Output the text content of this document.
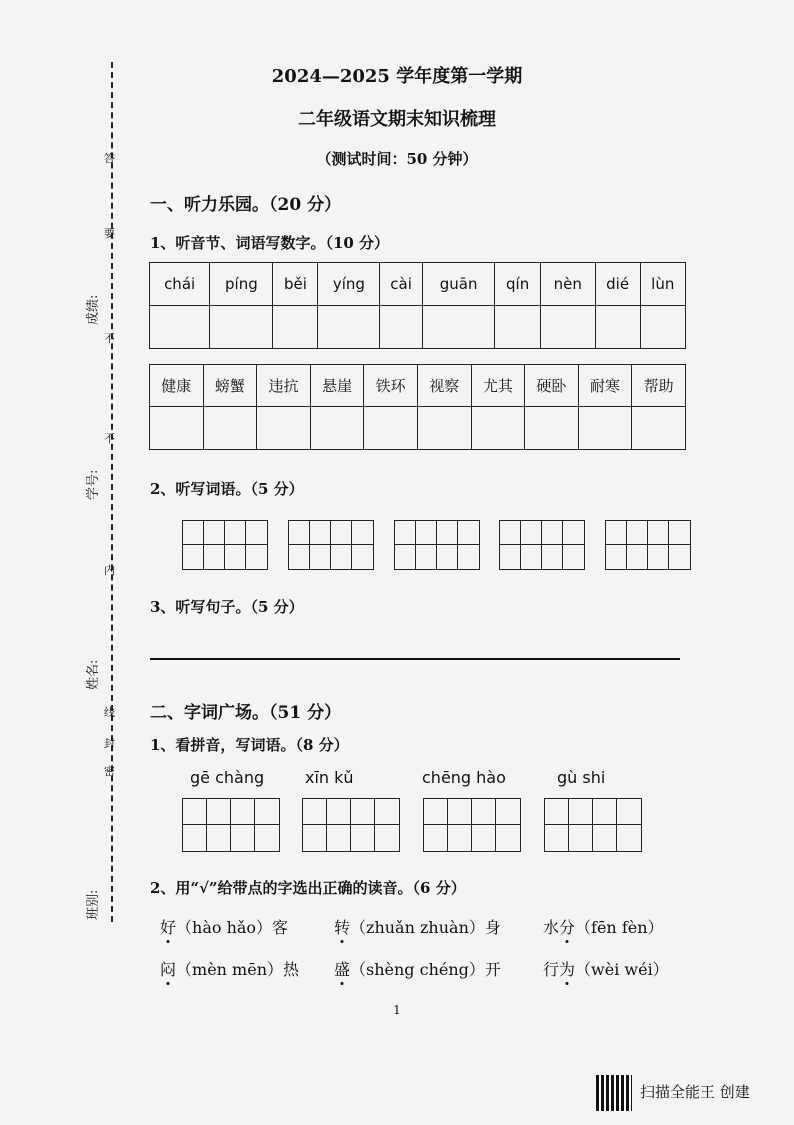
成绩:
学号:
姓名:
班别:
答
要
不
不
内
线
封
密
2024—2025 学年度第一学期
二年级语文期末知识梳理
（测试时间：50 分钟）
一、听力乐园。（20 分）
1、听音节、词语写数字。（10 分）
chái	píng	běi	yíng	cài	guān	qín	nèn	dié	lùn

健康	螃蟹	违抗	悬崖	铁环	视察	尤其	硬卧	耐寒	帮助

2、听写词语。（5 分）
3、听写句子。（5 分）
二、字词广场。（51 分）
1、看拼音，写词语。（8 分）
gē chàng	xīn kǔ	chēng hào	gù shi
2、用“√”给带点的字选出正确的读音。（6 分）
好（hào hǎo）客	转（zhuǎn zhuàn）身	水分（fēn fèn）
闷（mèn mēn）热 盛（shèng chéng）开	行为（wèi wéi）
1
扫描全能王 创建
